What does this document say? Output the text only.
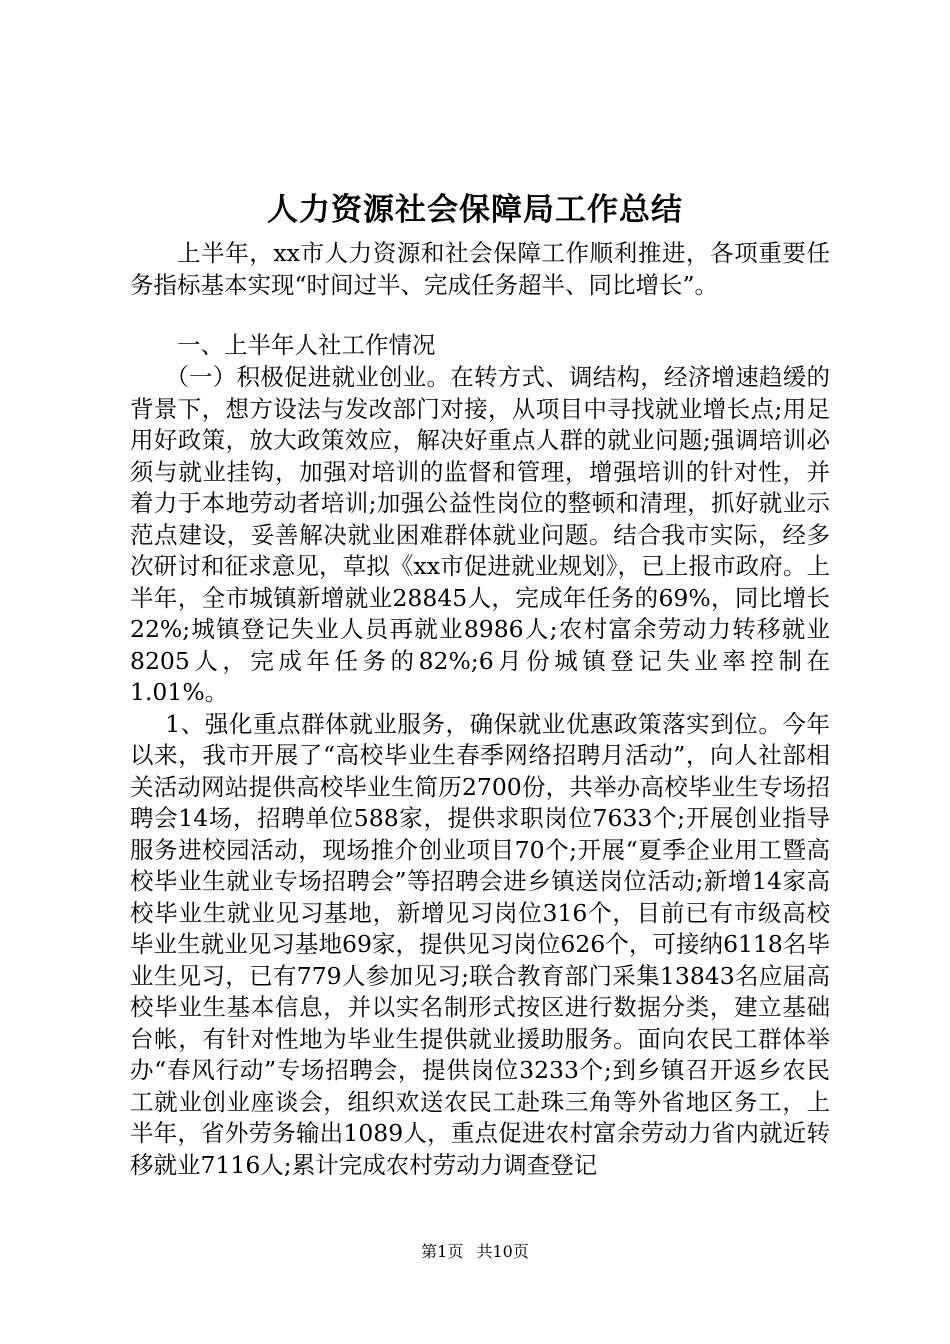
人力资源社会保障局工作总结

上半年，xx市人力资源和社会保障工作顺利推进，各项重要任务指标基本实现“时间过半、完成任务超半、同比增长”。

一、上半年人社工作情况

（一）积极促进就业创业。在转方式、调结构，经济增速趋缓的背景下，想方设法与发改部门对接，从项目中寻找就业增长点;用足用好政策，放大政策效应，解决好重点人群的就业问题;强调培训必须与就业挂钩，加强对培训的监督和管理，增强培训的针对性，并着力于本地劳动者培训;加强公益性岗位的整顿和清理，抓好就业示范点建设，妥善解决就业困难群体就业问题。结合我市实际，经多次研讨和征求意见，草拟《xx市促进就业规划》，已上报市政府。上半年，全市城镇新增就业28845人，完成年任务的69%，同比增长22%;城镇登记失业人员再就业8986人;农村富余劳动力转移就业8205人，完成年任务的82%;6月份城镇登记失业率控制在1.01%。

1、强化重点群体就业服务，确保就业优惠政策落实到位。今年以来，我市开展了“高校毕业生春季网络招聘月活动”，向人社部相关活动网站提供高校毕业生简历2700份，共举办高校毕业生专场招聘会14场，招聘单位588家，提供求职岗位7633个;开展创业指导服务进校园活动，现场推介创业项目70个;开展“夏季企业用工暨高校毕业生就业专场招聘会”等招聘会进乡镇送岗位活动;新增14家高校毕业生就业见习基地，新增见习岗位316个，目前已有市级高校毕业生就业见习基地69家，提供见习岗位626个，可接纳6118名毕业生见习，已有779人参加见习;联合教育部门采集13843名应届高校毕业生基本信息，并以实名制形式按区进行数据分类，建立基础台帐，有针对性地为毕业生提供就业援助服务。面向农民工群体举办“春风行动”专场招聘会，提供岗位3233个;到乡镇召开返乡农民工就业创业座谈会，组织欢送农民工赴珠三角等外省地区务工，上半年，省外劳务输出1089人，重点促进农村富余劳动力省内就近转移就业7116人;累计完成农村劳动力调查登记

第1页 共10页
